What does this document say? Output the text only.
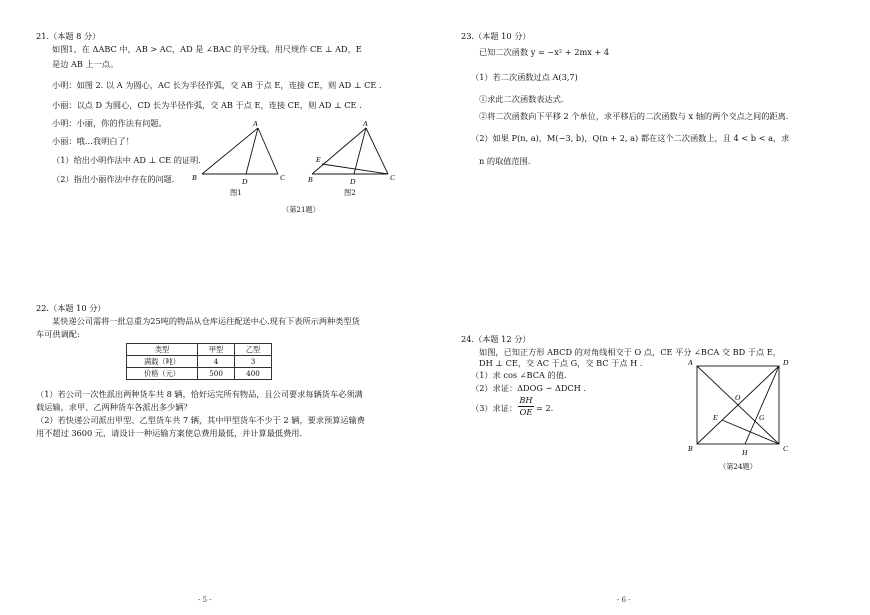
21.（本题 8 分）
如图1，在 ΔABC 中，AB > AC，AD 是 ∠BAC 的平分线。用尺规作 CE ⊥ AD，E
是边 AB 上一点。
小明：如图 2. 以 A 为圆心，AC 长为半径作弧，交 AB 于点 E，连接 CE，则 AD ⊥ CE .
小丽：以点 D 为圆心，CD 长为半径作弧，交 AB 于点 E，连接 CE，则 AD ⊥ CE .
小明：小丽，你的作法有问题。
小丽：哦…我明白了！
（1）给出小明作法中 AD ⊥ CE 的证明.
（2）指出小丽作法中存在的问题.
A
B	C
D
图1
A
B	C
D
E
图2
（第21题）
22.（本题 10 分）
某快递公司需将一批总重为25吨的物品从仓库运往配送中心.现有下表所示两种类型货
车可供调配:
类型	甲型	乙型
满载（吨）	4	3
价格（元）	500	400
（1）若公司一次性派出两种货车共 8 辆，恰好运完所有物品，且公司要求每辆货车必须满
载运输，求甲、乙两种货车各派出多少辆？
（2）若快递公司派出甲型、乙型货车共 7 辆，其中甲型货车不少于 2 辆，要求预算运输费
用不超过 3600 元，请设计一种运输方案使总费用最低，并计算最低费用.
- 5 -
23.（本题 10 分）
已知二次函数 y = −x² + 2mx + 4
（1）若二次函数过点 A(3,7)
①求此二次函数表达式.
②将二次函数向下平移 2 个单位，求平移后的二次函数与 x 轴的两个交点之间的距离.
（2）如果 P(n, a)，M(−3, b)，Q(n + 2, a) 都在这个二次函数上，且 4 < b < a，求
n 的取值范围.
24.（本题 12 分）
如图，已知正方形 ABCD 的对角线相交于 O 点，CE 平分 ∠BCA 交 BD 于点 E，
DH ⊥ CE，交 AC 于点 G，交 BC 于点 H .
（1）求 cos ∠BCA 的值.
（2）求证：ΔDOG ∽ ΔDCH .
（3）求证： $\frac{BH}{OE} = 2$.
A	D
B	C
O
E	G
H
（第24题）
- 6 -
